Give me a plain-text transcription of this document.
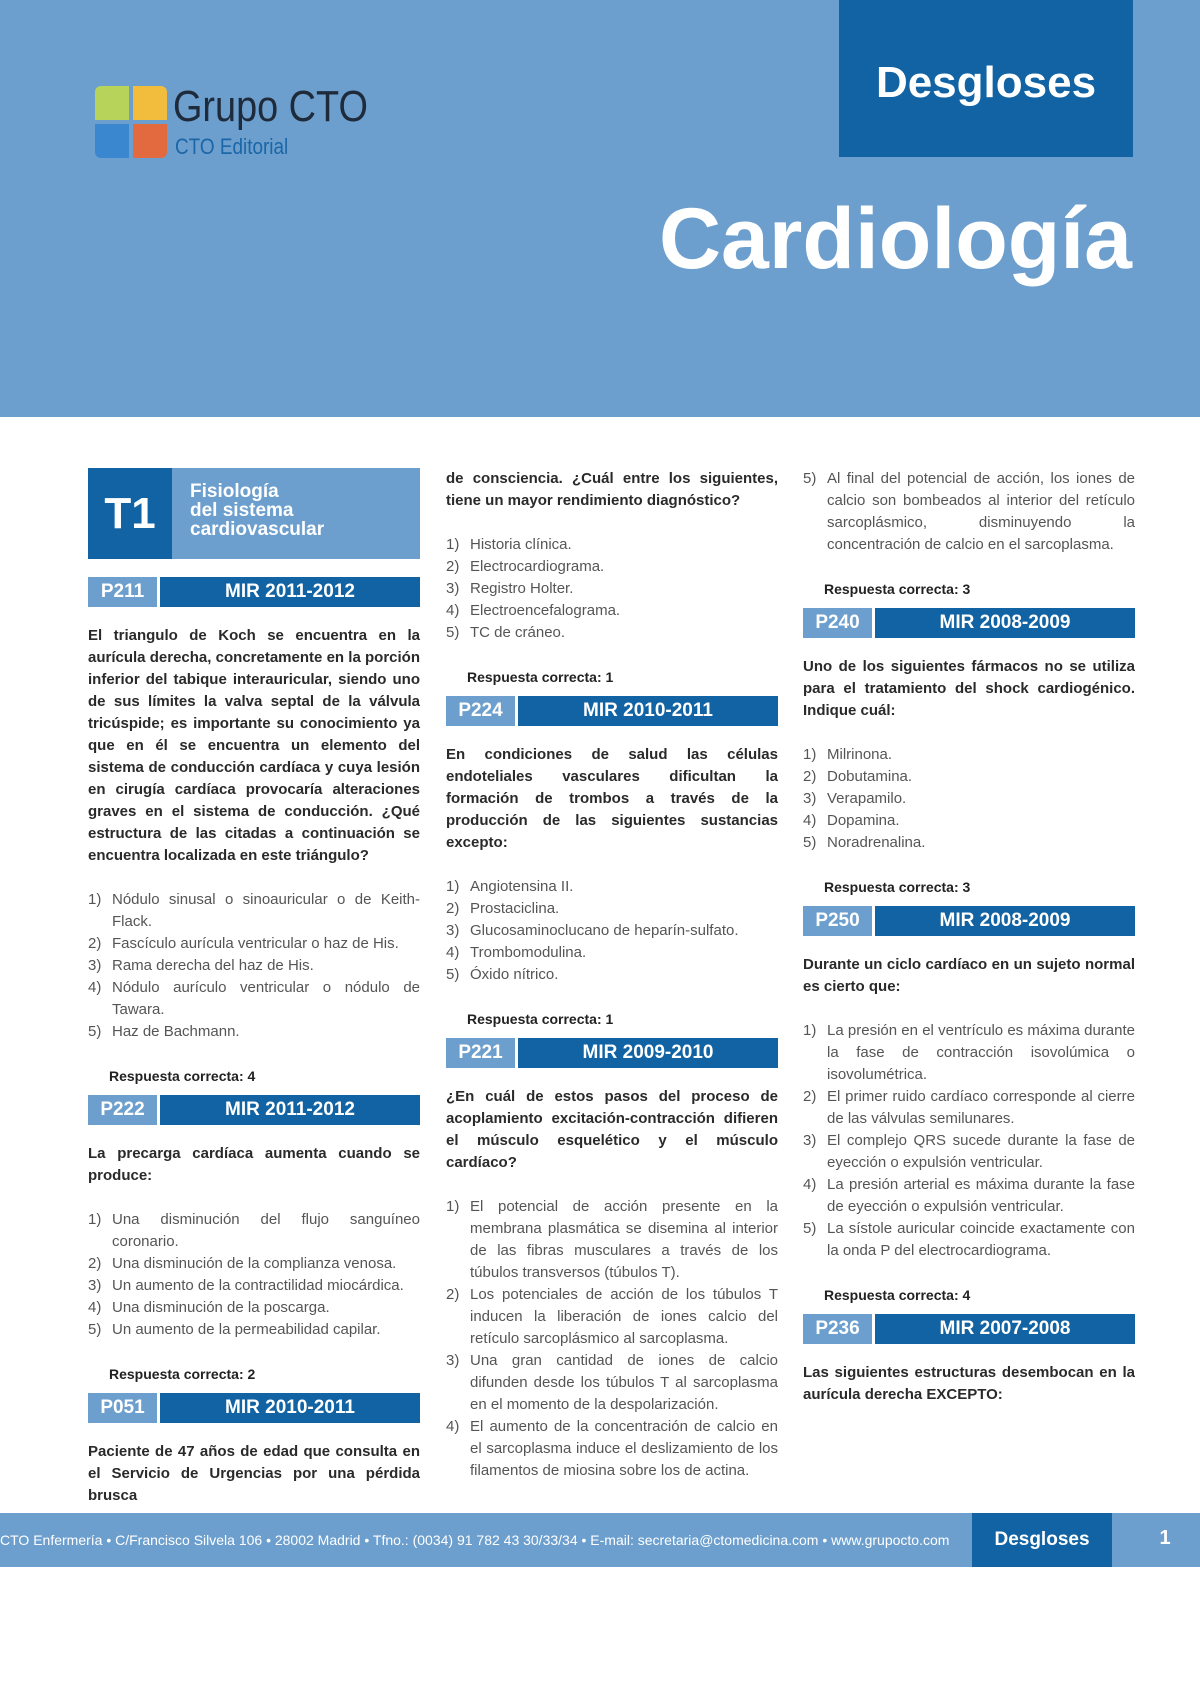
Grupo CTO
CTO Editorial
Desgloses
Cardiología
T1	Fisiología
del sistema
cardiovascular
P211	MIR 2011-2012
El triangulo de Koch se encuentra en la aurícula derecha, concretamente en la porción inferior del tabique interauricular, siendo uno de sus límites la valva septal de la válvula tricúspide; es importante su conocimiento ya que en él se encuentra un elemento del sistema de conducción cardíaca y cuya lesión en cirugía cardíaca provocaría alteraciones graves en el sistema de conducción. ¿Qué estructura de las citadas a continuación se encuentra localizada en este triángulo?
1) Nódulo sinusal o sinoauricular o de Keith-Flack.
2) Fascículo aurícula ventricular o haz de His.
3) Rama derecha del haz de His.
4) Nódulo aurículo ventricular o nódulo de Tawara.
5) Haz de Bachmann.
Respuesta correcta: 4
P222	MIR 2011-2012
La precarga cardíaca aumenta cuando se produce:
1) Una disminución del flujo sanguíneo coronario.
2) Una disminución de la complianza venosa.
3) Un aumento de la contractilidad miocárdica.
4) Una disminución de la poscarga.
5) Un aumento de la permeabilidad capilar.
Respuesta correcta: 2
P051	MIR 2010-2011
Paciente de 47 años de edad que consulta en el Servicio de Urgencias por una pérdida brusca
de consciencia. ¿Cuál entre los siguientes, tiene un mayor rendimiento diagnóstico?
1) Historia clínica.
2) Electrocardiograma.
3) Registro Holter.
4) Electroencefalograma.
5) TC de cráneo.
Respuesta correcta: 1
P224	MIR 2010-2011
En condiciones de salud las células endoteliales vasculares dificultan la formación de trombos a través de la producción de las siguientes sustancias excepto:
1) Angiotensina II.
2) Prostaciclina.
3) Glucosaminoclucano de heparín-sulfato.
4) Trombomodulina.
5) Óxido nítrico.
Respuesta correcta: 1
P221	MIR 2009-2010
¿En cuál de estos pasos del proceso de acoplamiento excitación-contracción difieren el músculo esquelético y el músculo cardíaco?
1) El potencial de acción presente en la membrana plasmática se disemina al interior de las fibras musculares a través de los túbulos transversos (túbulos T).
2) Los potenciales de acción de los túbulos T inducen la liberación de iones calcio del retículo sarcoplásmico al sarcoplasma.
3) Una gran cantidad de iones de calcio difunden desde los túbulos T al sarcoplasma en el momento de la despolarización.
4) El aumento de la concentración de calcio en el sarcoplasma induce el deslizamiento de los filamentos de miosina sobre los de actina.
5) Al final del potencial de acción, los iones de calcio son bombeados al interior del retículo sarcoplásmico, disminuyendo la concentración de calcio en el sarcoplasma.
Respuesta correcta: 3
P240	MIR 2008-2009
Uno de los siguientes fármacos no se utiliza para el tratamiento del shock cardiogénico. Indique cuál:
1) Milrinona.
2) Dobutamina.
3) Verapamilo.
4) Dopamina.
5) Noradrenalina.
Respuesta correcta: 3
P250	MIR 2008-2009
Durante un ciclo cardíaco en un sujeto normal es cierto que:
1) La presión en el ventrículo es máxima durante la fase de contracción isovolúmica o isovolumétrica.
2) El primer ruido cardíaco corresponde al cierre de las válvulas semilunares.
3) El complejo QRS sucede durante la fase de eyección o expulsión ventricular.
4) La presión arterial es máxima durante la fase de eyección o expulsión ventricular.
5) La sístole auricular coincide exactamente con la onda P del electrocardiograma.
Respuesta correcta: 4
P236	MIR 2007-2008
Las siguientes estructuras desembocan en la aurícula derecha EXCEPTO:
CTO Enfermería • C/Francisco Silvela 106 • 28002 Madrid • Tfno.: (0034) 91 782 43 30/33/34 • E-mail: secretaria@ctomedicina.com • www.grupocto.com	Desgloses	1
